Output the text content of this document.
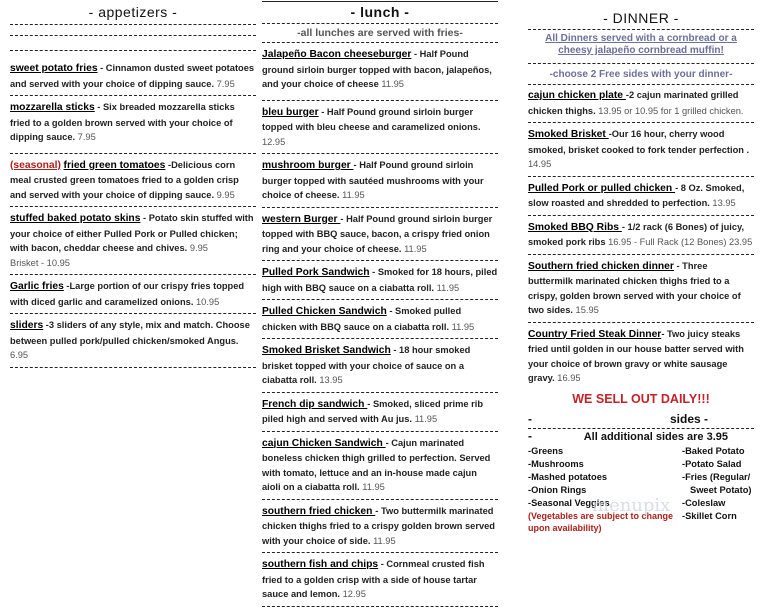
- appetizers -
sweet potato fries - Cinnamon dusted sweet potatoes and served with your choice of dipping sauce. 7.95
mozzarella sticks - Six breaded mozzarella sticks fried to a golden brown served with your choice of dipping sauce. 7.95
(seasonal) fried green tomatoes -Delicious corn meal crusted green tomatoes fried to a golden crisp and served with your choice of dipping sauce. 9.95
stuffed baked potato skins - Potato skin stuffed with your choice of either Pulled Pork or Pulled chicken; with bacon, cheddar cheese and chives. 9.95
Brisket - 10.95
Garlic fries -Large portion of our crispy fries topped with diced garlic and caramelized onions. 10.95
sliders -3 sliders of any style, mix and match. Choose between pulled pork/pulled chicken/smoked Angus. 6.95
- lunch -
-all lunches are served with fries-
Jalapeño Bacon cheeseburger - Half Pound ground sirloin burger topped with bacon, jalapeños, and your choice of cheese 11.95
bleu burger - Half Pound ground sirloin burger topped with bleu cheese and caramelized onions. 12.95
mushroom burger - Half Pound ground sirloin burger topped with sautéed mushrooms with your choice of cheese. 11.95
western Burger - Half Pound ground sirloin burger topped with BBQ sauce, bacon, a crispy fried onion ring and your choice of cheese. 11.95
Pulled Pork Sandwich - Smoked for 18 hours, piled high with BBQ sauce on a ciabatta roll. 11.95
Pulled Chicken Sandwich - Smoked pulled chicken with BBQ sauce on a ciabatta roll. 11.95
Smoked Brisket Sandwich - 18 hour smoked brisket topped with your choice of sauce on a ciabatta roll. 13.95
French dip sandwich - Smoked, sliced prime rib piled high and served with Au jus. 11.95
cajun Chicken Sandwich - Cajun marinated boneless chicken thigh grilled to perfection. Served with tomato, lettuce and an in-house made cajun aioli on a ciabatta roll. 11.95
southern fried chicken - Two buttermilk marinated chicken thighs fried to a crispy golden brown served with your choice of side. 11.95
southern fish and chips - Cornmeal crusted fish fried to a golden crisp with a side of house tartar sauce and lemon. 12.95
- DINNER -
All Dinners served with a cornbread or a cheesy jalapeño cornbread muffin!
-choose 2 Free sides with your dinner-
cajun chicken plate -2 cajun marinated grilled chicken thighs. 13.95 or 10.95 for 1 grilled chicken.
Smoked Brisket -Our 16 hour, cherry wood smoked, brisket cooked to fork tender perfection . 14.95
Pulled Pork or pulled chicken - 8 Oz. Smoked, slow roasted and shredded to perfection. 13.95
Smoked BBQ Ribs - 1/2 rack (6 Bones) of juicy, smoked pork ribs 16.95 - Full Rack (12 Bones) 23.95
Southern fried chicken dinner - Three buttermilk marinated chicken thighs fried to a crispy, golden brown served with your choice of two sides. 15.95
Country Fried Steak Dinner- Two juicy steaks fried until golden in our house batter served with your choice of brown gravy or white sausage gravy. 16.95
WE SELL OUT DAILY!!!
-	sides -
-	All additional sides are 3.95
-Greens
-Mushrooms
-Mashed potatoes
-Onion Rings
-Seasonal Veggies
(Vegetables are subject to change upon availability)
-Baked Potato
-Potato Salad
-Fries (Regular/
Sweet Potato)
-Coleslaw
-Skillet Corn
menupix
